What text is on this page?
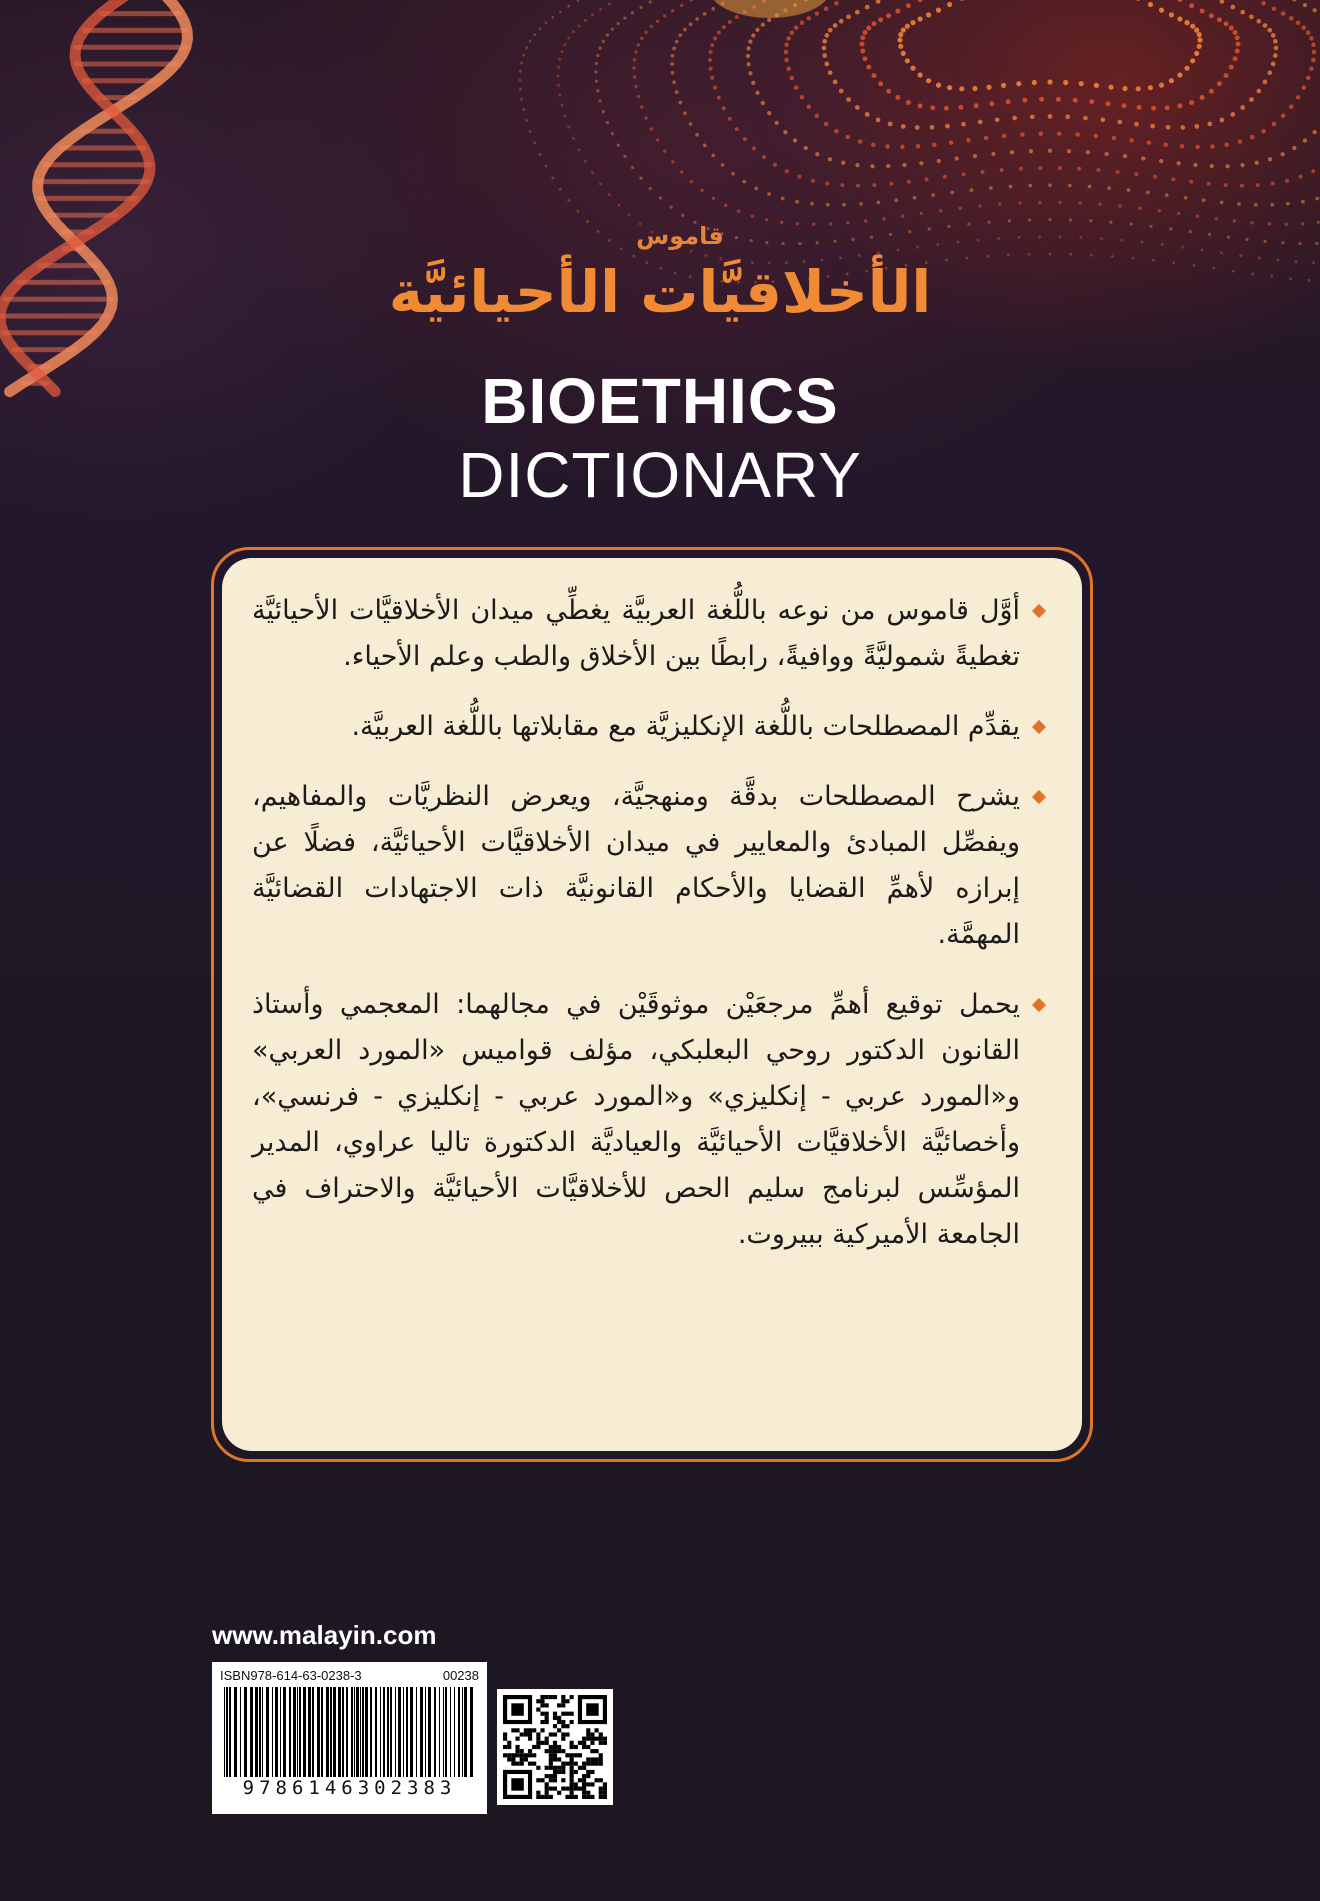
قاموس
الأخلاقيَّات الأحيائيَّة
BIOETHICS
DICTIONARY
أوَّل قاموس من نوعه باللُّغة العربيَّة يغطِّي ميدان الأخلاقيَّات الأحيائيَّة تغطيةً شموليَّةً ووافيةً، رابطًا بين الأخلاق والطب وعلم الأحياء.
يقدِّم المصطلحات باللُّغة الإنكليزيَّة مع مقابلاتها باللُّغة العربيَّة.
يشرح المصطلحات بدقَّة ومنهجيَّة، ويعرض النظريَّات والمفاهيم، ويفصِّل المبادئ والمعايير في ميدان الأخلاقيَّات الأحيائيَّة، فضلًا عن إبرازه لأهمِّ القضايا والأحكام القانونيَّة ذات الاجتهادات القضائيَّة المهمَّة.
يحمل توقيع أهمِّ مرجعَيْن موثوقَيْن في مجالهما: المعجمي وأستاذ القانون الدكتور روحي البعلبكي، مؤلف قواميس «المورد العربي» و«المورد عربي - إنكليزي» و«المورد عربي - إنكليزي - فرنسي»، وأخصائيَّة الأخلاقيَّات الأحيائيَّة والعياديَّة الدكتورة تاليا عراوي، المدير المؤسِّس لبرنامج سليم الحص للأخلاقيَّات الأحيائيَّة والاحتراف في الجامعة الأميركية ببيروت.
www.malayin.com
ISBN978-614-63-0238-3	00238
9786146302383
